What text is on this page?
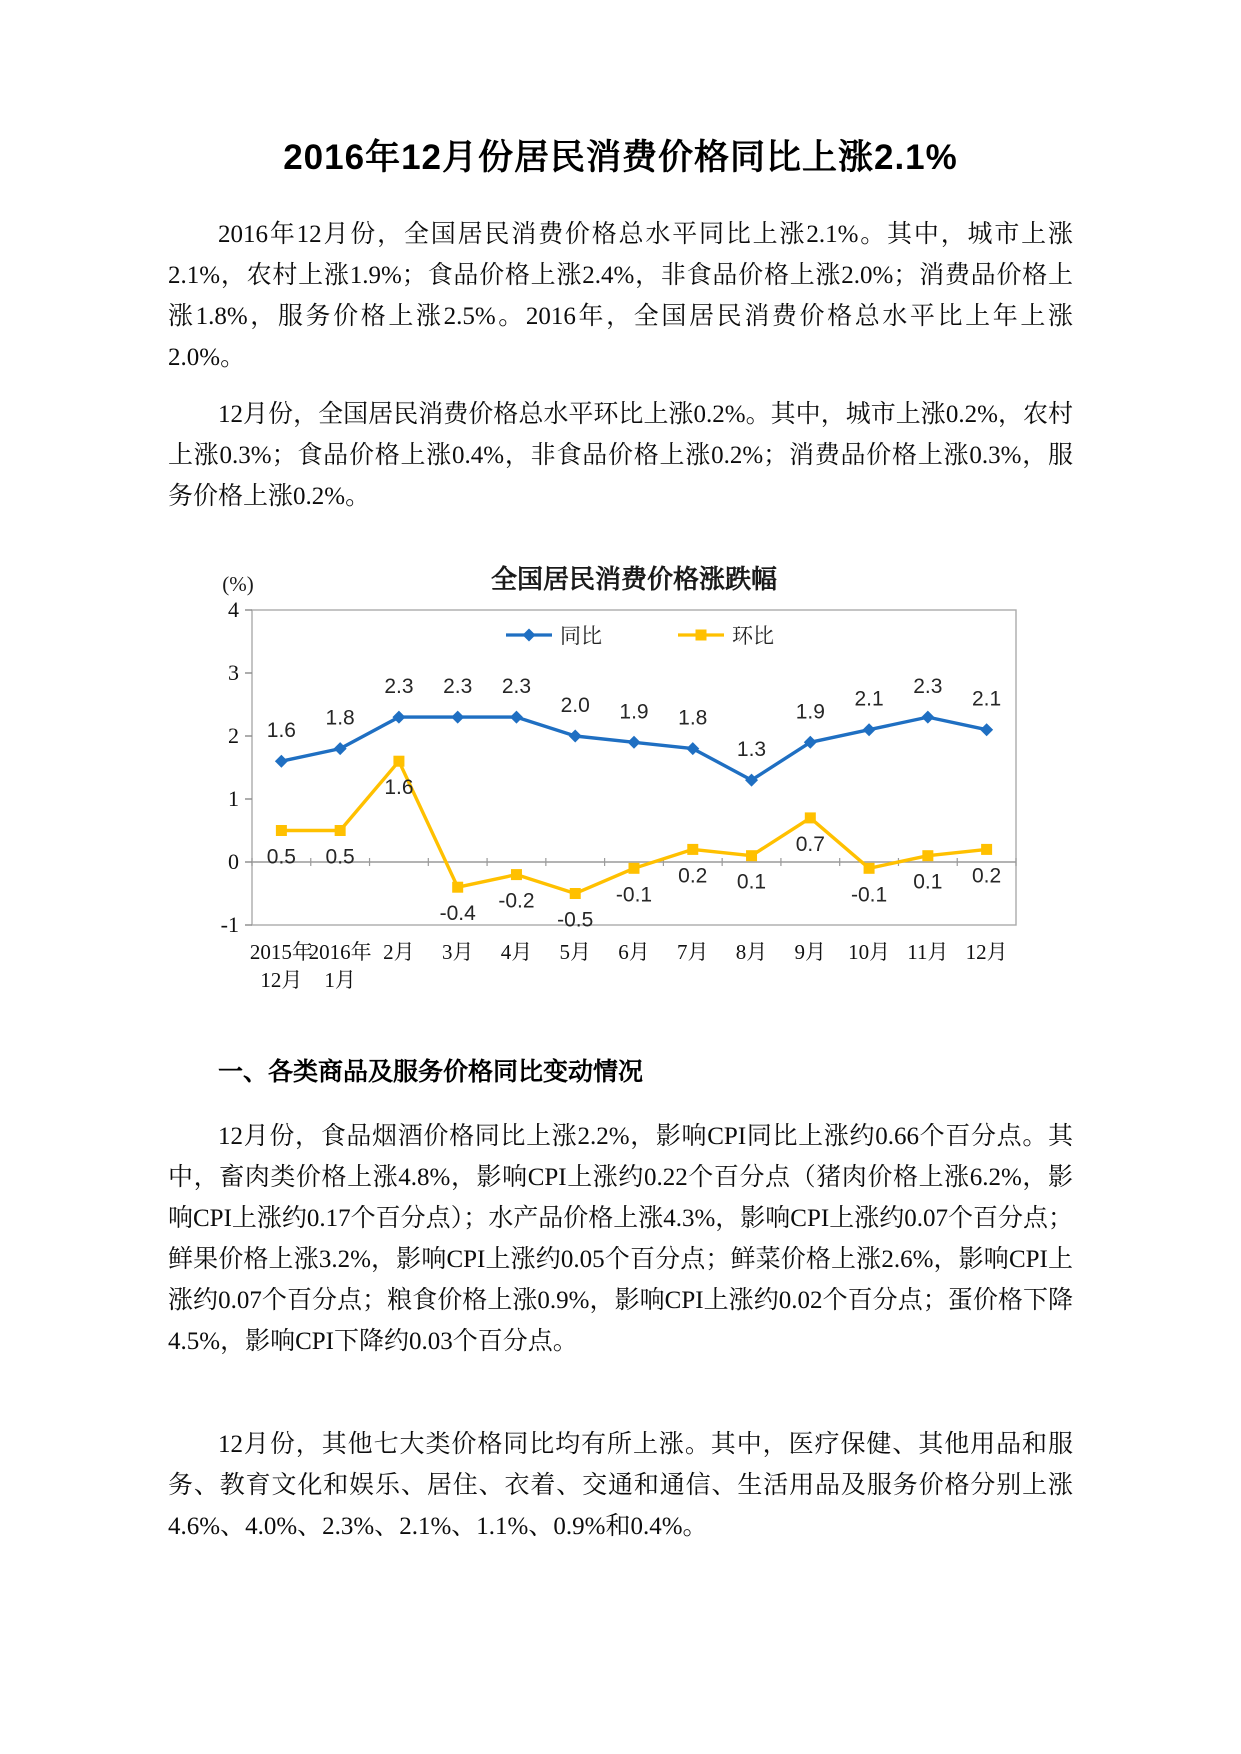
2016年12月份居民消费价格同比上涨2.1%

2016年12月份，全国居民消费价格总水平同比上涨2.1%。其中，城市上涨2.1%，农村上涨1.9%；食品价格上涨2.4%，非食品价格上涨2.0%；消费品价格上涨1.8%，服务价格上涨2.5%。2016年，全国居民消费价格总水平比上年上涨2.0%。

12月份，全国居民消费价格总水平环比上涨0.2%。其中，城市上涨0.2%，农村上涨0.3%；食品价格上涨0.4%，非食品价格上涨0.2%；消费品价格上涨0.3%，服务价格上涨0.2%。

全国居民消费价格涨跌幅
(%)
4
3
2
1
0
-1
2015年 12月
2016年 1月
2月 3月 4月 5月 6月 7月 8月 9月 10月 11月 12月
同比	环比
1.6
1.8
2.3 2.3 2.3
2.0 1.9 1.8
1.3
1.9
2.1
2.3
2.1
0.5 0.5
1.6
-0.4
-0.2
-0.5
-0.1
0.2 0.1
0.7
-0.1
0.1 0.2
一、各类商品及服务价格同比变动情况

12月份，食品烟酒价格同比上涨2.2%，影响CPI同比上涨约0.66个百分点。其中，畜肉类价格上涨4.8%，影响CPI上涨约0.22个百分点（猪肉价格上涨6.2%，影响CPI上涨约0.17个百分点）；水产品价格上涨4.3%，影响CPI上涨约0.07个百分点；鲜果价格上涨3.2%，影响CPI上涨约0.05个百分点；鲜菜价格上涨2.6%，影响CPI上涨约0.07个百分点；粮食价格上涨0.9%，影响CPI上涨约0.02个百分点；蛋价格下降4.5%，影响CPI下降约0.03个百分点。

12月份，其他七大类价格同比均有所上涨。其中，医疗保健、其他用品和服务、教育文化和娱乐、居住、衣着、交通和通信、生活用品及服务价格分别上涨4.6%、4.0%、2.3%、2.1%、1.1%、0.9%和0.4%。
